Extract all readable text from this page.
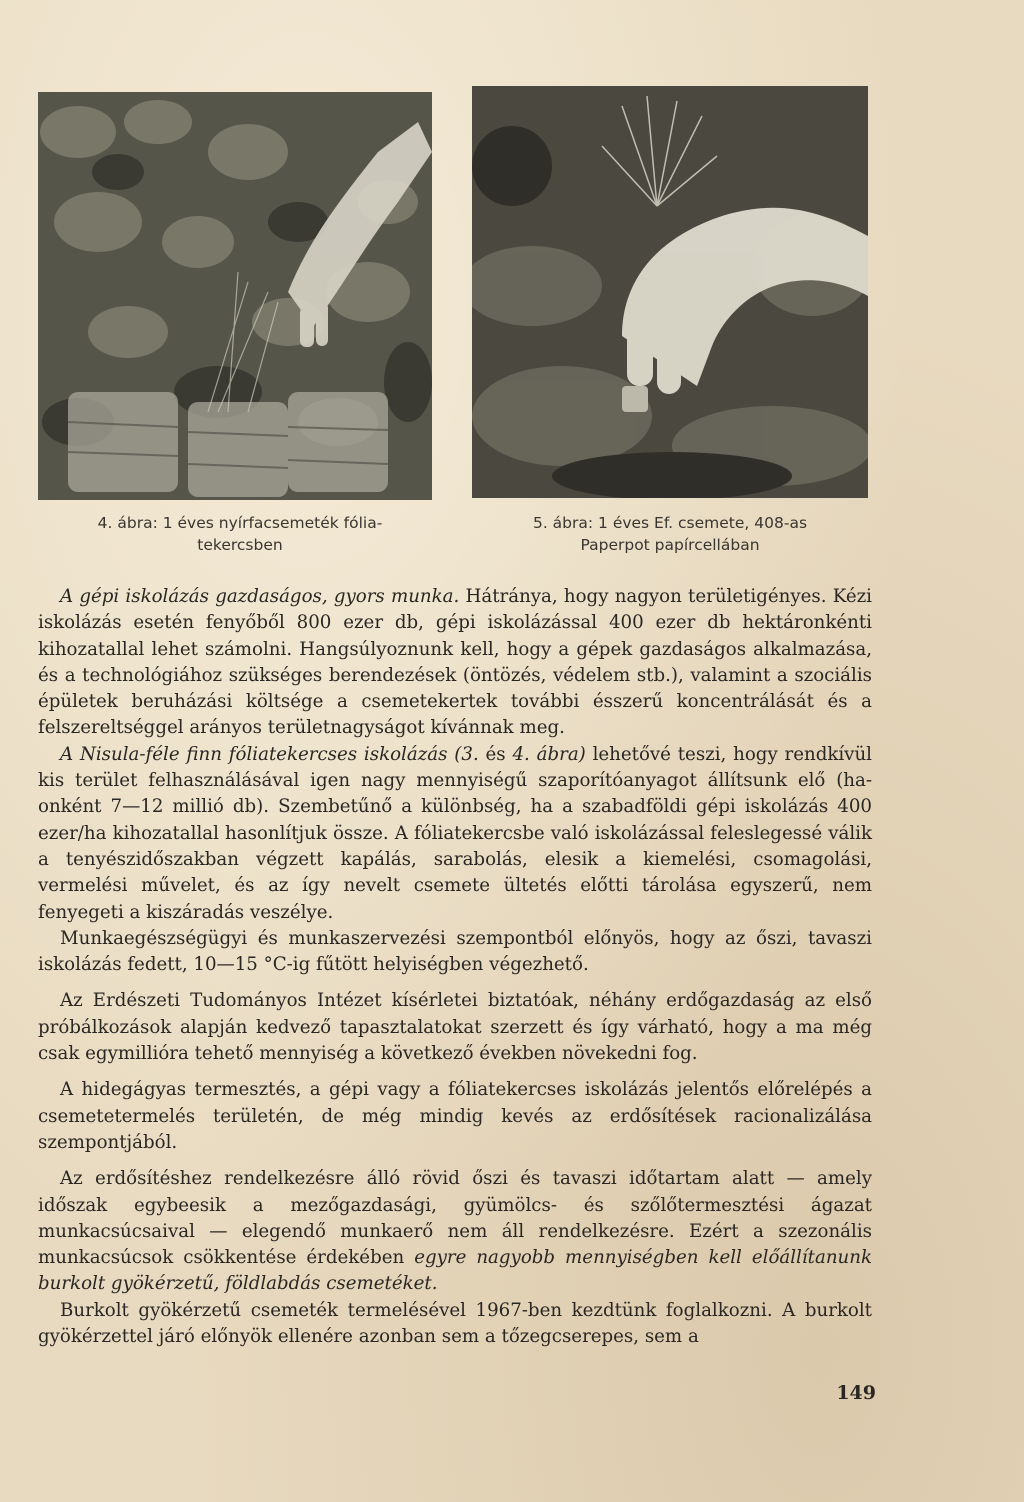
4. ábra: 1 éves nyírfacsemeték fólia-
tekercsben
5. ábra: 1 éves Ef. csemete, 408-as
Paperpot papírcellában

A gépi iskolázás gazdaságos, gyors munka. Hátránya, hogy nagyon területigényes. Kézi iskolázás esetén fenyőből 800 ezer db, gépi iskolázással 400 ezer db hektáronkénti kihozatallal lehet számolni. Hangsúlyoznunk kell, hogy a gépek gazdaságos alkalmazása, és a technológiához szükséges berendezések (öntözés, védelem stb.), valamint a szociális épületek beruházási költsége a csemetekertek további ésszerű koncentrálását és a felszereltséggel arányos területnagyságot kívánnak meg.

A Nisula-féle finn fóliatekercses iskolázás (3. és 4. ábra) lehetővé teszi, hogy rendkívül kis terület felhasználásával igen nagy mennyiségű szaporítóanyagot állítsunk elő (ha-onként 7—12 millió db). Szembetűnő a különbség, ha a szabadföldi gépi iskolázás 400 ezer/ha kihozatallal hasonlítjuk össze. A fóliatekercsbe való iskolázással feleslegessé válik a tenyészidőszakban végzett kapálás, sarabolás, elesik a kiemelési, csomagolási, vermelési művelet, és az így nevelt csemete ültetés előtti tárolása egyszerű, nem fenyegeti a kiszáradás veszélye.

Munkaegészségügyi és munkaszervezési szempontból előnyös, hogy az őszi, tavaszi iskolázás fedett, 10—15 °C-ig fűtött helyiségben végezhető.

Az Erdészeti Tudományos Intézet kísérletei biztatóak, néhány erdőgazdaság az első próbálkozások alapján kedvező tapasztalatokat szerzett és így várható, hogy a ma még csak egymillióra tehető mennyiség a következő években növekedni fog.

A hidegágyas termesztés, a gépi vagy a fóliatekercses iskolázás jelentős előrelépés a csemetetermelés területén, de még mindig kevés az erdősítések racionalizálása szempontjából.

Az erdősítéshez rendelkezésre álló rövid őszi és tavaszi időtartam alatt — amely időszak egybeesik a mezőgazdasági, gyümölcs- és szőlőtermesztési ágazat munkacsúcsaival — elegendő munkaerő nem áll rendelkezésre. Ezért a szezonális munkacsúcsok csökkentése érdekében egyre nagyobb mennyiségben kell előállítanunk burkolt gyökérzetű, földlabdás csemetéket.

Burkolt gyökérzetű csemeték termelésével 1967-ben kezdtünk foglalkozni. A burkolt gyökérzettel járó előnyök ellenére azonban sem a tőzegcserepes, sem a

149
